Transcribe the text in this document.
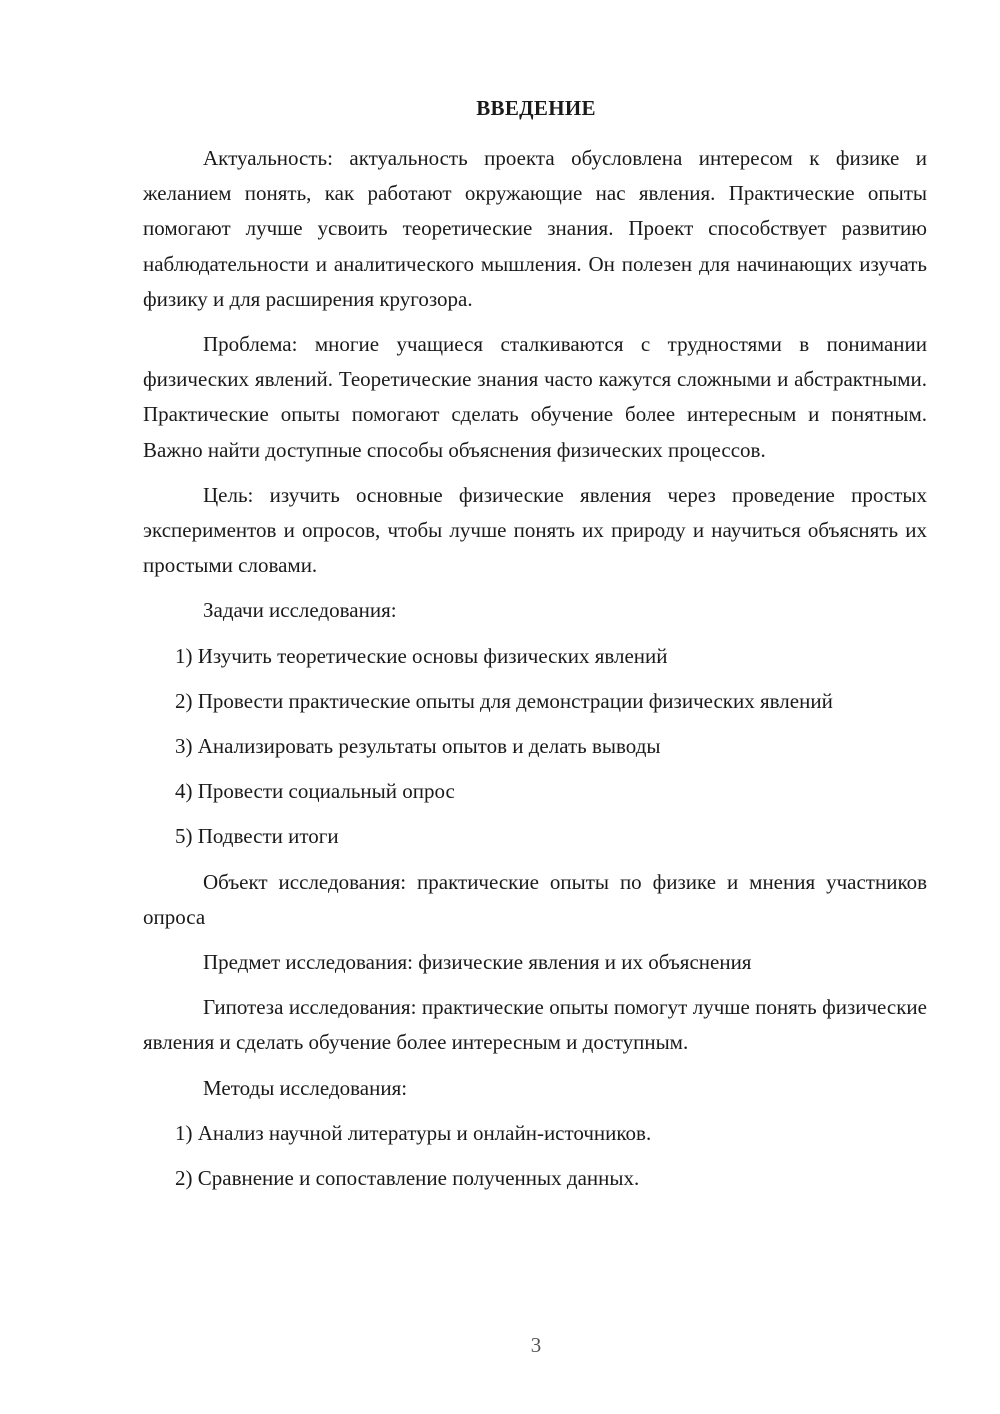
ВВЕДЕНИЕ

Актуальность: актуальность проекта обусловлена интересом к физике и желанием понять, как работают окружающие нас явления. Практические опыты помогают лучше усвоить теоретические знания. Проект способствует развитию наблюдательности и аналитического мышления. Он полезен для начинающих изучать физику и для расширения кругозора.

Проблема: многие учащиеся сталкиваются с трудностями в понимании физических явлений. Теоретические знания часто кажутся сложными и абстрактными. Практические опыты помогают сделать обучение более интересным и понятным. Важно найти доступные способы объяснения физических процессов.

Цель: изучить основные физические явления через проведение простых экспериментов и опросов, чтобы лучше понять их природу и научиться объяснять их простыми словами.

Задачи исследования:

1) Изучить теоретические основы физических явлений

2) Провести практические опыты для демонстрации физических явлений

3) Анализировать результаты опытов и делать выводы

4) Провести социальный опрос

5) Подвести итоги

Объект исследования: практические опыты по физике и мнения участников опроса

Предмет исследования: физические явления и их объяснения

Гипотеза исследования: практические опыты помогут лучше понять физические явления и сделать обучение более интересным и доступным.

Методы исследования:

1) Анализ научной литературы и онлайн-источников.

2) Сравнение и сопоставление полученных данных.

3
